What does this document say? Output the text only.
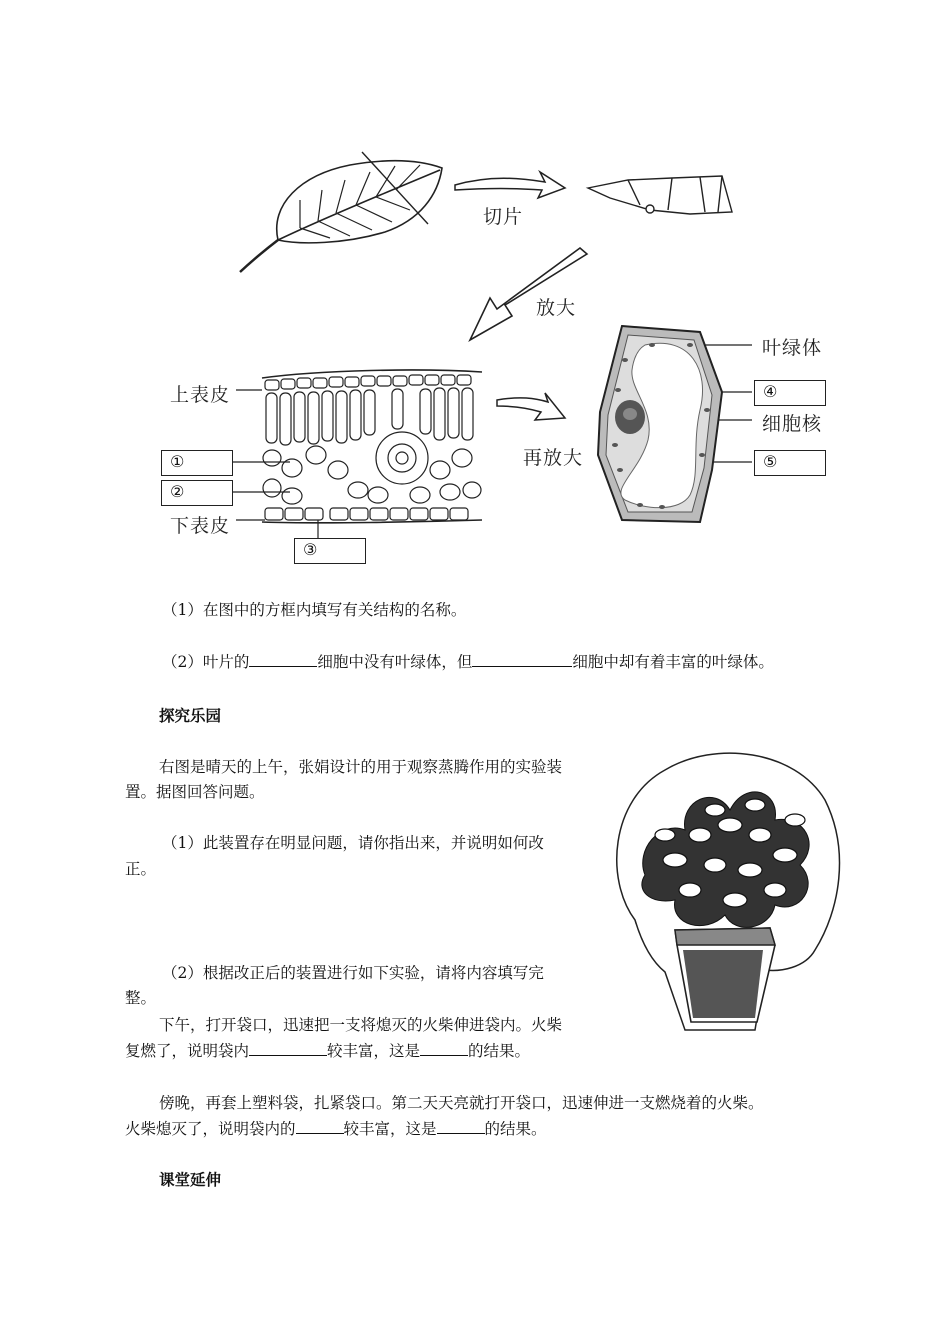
切片
放大
再放大
上表皮
下表皮
叶绿体
细胞核
①
②
③
④
⑤
（1）在图中的方框内填写有关结构的名称。
（2）叶片的	细胞中没有叶绿体，但	细胞中却有着丰富的叶绿体。
探究乐园
右图是晴天的上午，张娟设计的用于观察蒸腾作用的实验装
置。据图回答问题。
（1）此装置存在明显问题，请你指出来，并说明如何改
正。
（2）根据改正后的装置进行如下实验，请将内容填写完
整。
下午，打开袋口，迅速把一支将熄灭的火柴伸进袋内。火柴
复燃了，说明袋内	较丰富，这是	的结果。
傍晚，再套上塑料袋，扎紧袋口。第二天天亮就打开袋口，迅速伸进一支燃烧着的火柴。
火柴熄灭了，说明袋内的	较丰富，这是	的结果。
课堂延伸
